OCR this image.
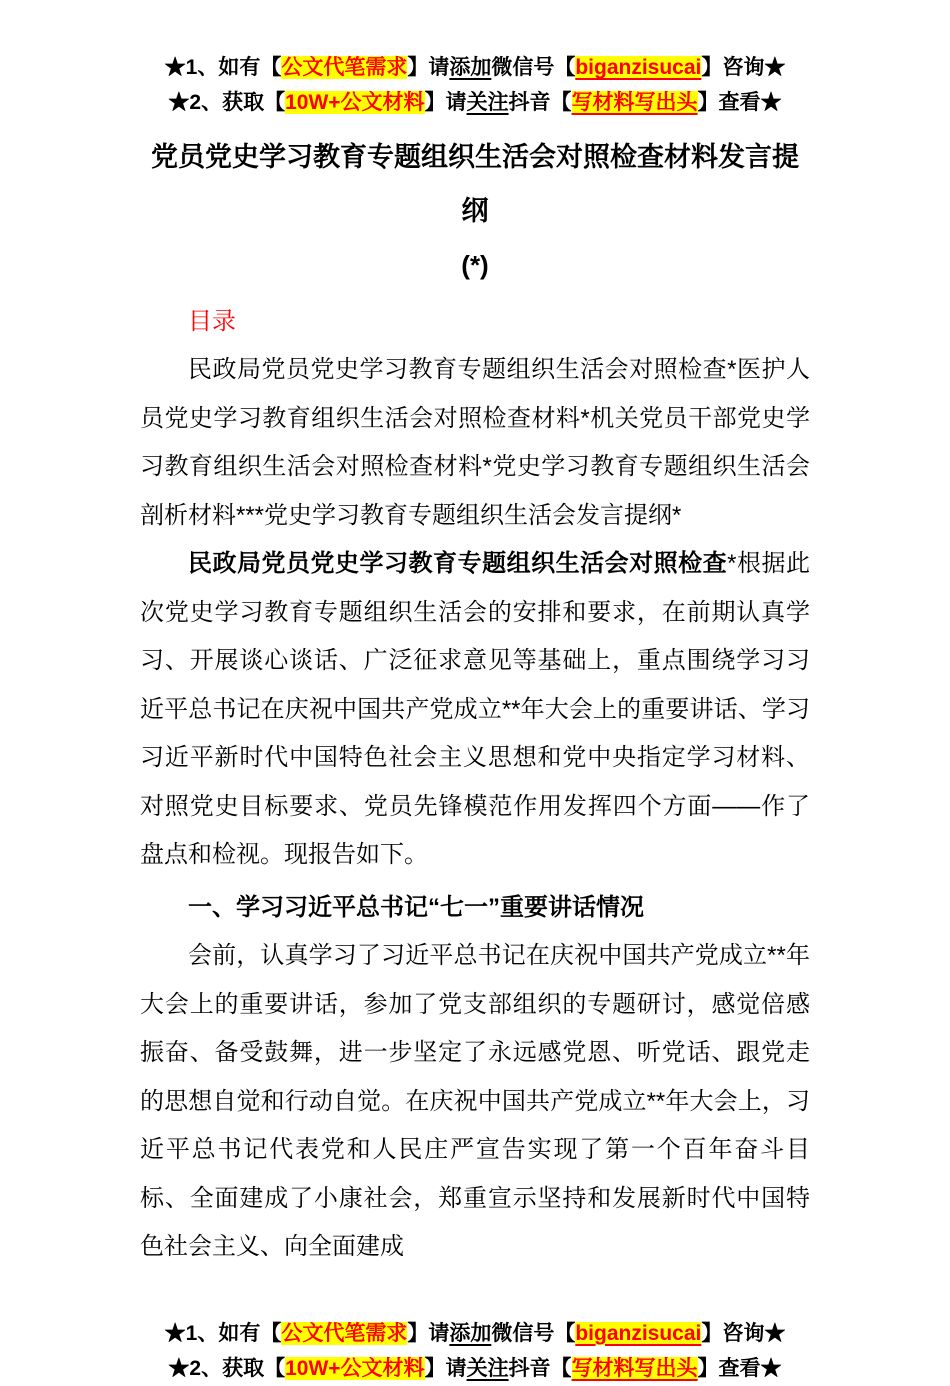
★1、如有【公文代笔需求】请添加微信号【biganzisucai】咨询★
★2、获取【10W+公文材料】请关注抖音【写材料写出头】查看★
党员党史学习教育专题组织生活会对照检查材料发言提纲
(*)
目录

民政局党员党史学习教育专题组织生活会对照检查*医护人员党史学习教育组织生活会对照检查材料*机关党员干部党史学习教育组织生活会对照检查材料*党史学习教育专题组织生活会剖析材料***党史学习教育专题组织生活会发言提纲*

民政局党员党史学习教育专题组织生活会对照检查*根据此次党史学习教育专题组织生活会的安排和要求，在前期认真学习、开展谈心谈话、广泛征求意见等基础上，重点围绕学习习近平总书记在庆祝中国共产党成立**年大会上的重要讲话、学习习近平新时代中国特色社会主义思想和党中央指定学习材料、对照党史目标要求、党员先锋模范作用发挥四个方面——作了盘点和检视。现报告如下。

一、学习习近平总书记“七一”重要讲话情况

会前，认真学习了习近平总书记在庆祝中国共产党成立**年大会上的重要讲话，参加了党支部组织的专题研讨，感觉倍感振奋、备受鼓舞，进一步坚定了永远感党恩、听党话、跟党走的思想自觉和行动自觉。在庆祝中国共产党成立**年大会上，习近平总书记代表党和人民庄严宣告实现了第一个百年奋斗目标、全面建成了小康社会，郑重宣示坚持和发展新时代中国特色社会主义、向全面建成

★1、如有【公文代笔需求】请添加微信号【biganzisucai】咨询★
★2、获取【10W+公文材料】请关注抖音【写材料写出头】查看★
